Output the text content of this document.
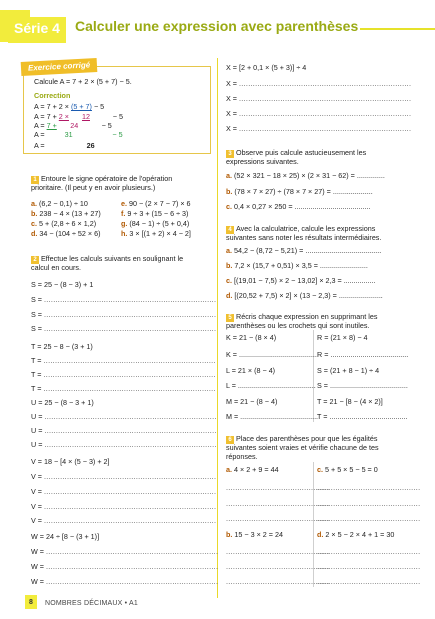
Série 4	Calculer une expression avec parenthèses
Exercice corrigé
Calcule A = 7 + 2 × (5 + 7) − 5.
Correction
A = 7 + 2 × (5 + 7) − 5
A = 7 + 2 × 12	− 5
A = 7 + 24	− 5
A =	31	− 5
A =	26
1 Entoure le signe opératoire de l'opération
prioritaire. (Il peut y en avoir plusieurs.)
a. (6,2 − 0,1) ÷ 10	e. 90 − (2 × 7 − 7) × 6
b. 238 − 4 × (13 + 27)	f. 9 ÷ 3 + (15 − 6 ÷ 3)
c. 5 + (2,8 ÷ 6 × 1,2)	g. (84 − 1) ÷ (5 + 0,4)
d. 34 − (104 ÷ 52 × 6)	h. 3 × [(1 + 2) × 4 − 2]
2 Effectue les calculs suivants en soulignant le
calcul en cours.
S = 25 − (8 − 3) + 1
S = ...........................................................................
S = ...........................................................................
S = ...........................................................................
T = 25 − 8 − (3 + 1)
T = ...........................................................................
T = ...........................................................................
T = ...........................................................................
U = 25 − (8 − 3 + 1)
U = ...........................................................................
U = ...........................................................................
U = ...........................................................................
V = 18 − [4 × (5 − 3) + 2]
V = ...........................................................................
V = ...........................................................................
V = ...........................................................................
V = ...........................................................................
W = 24 ÷ [8 − (3 + 1)]
W = ...........................................................................
W = ...........................................................................
W = ...........................................................................
X = [2 + 0,1 × (5 + 3)] ÷ 4
X = ...........................................................................
X = ...........................................................................
X = ...........................................................................
X = ...........................................................................
3 Observe puis calcule astucieusement les
expressions suivantes.
a. (52 × 321 − 18 × 25) × (2 × 31 − 62) = ..............
b. (78 × 7 × 27) ÷ (78 × 7 × 27) = ....................
c. 0,4 × 0,27 × 250 = ......................................
4 Avec la calculatrice, calcule les expressions
suivantes sans noter les résultats intermédiaires.
a. 54,2 − (8,72 − 5,21) = ......................................
b. 7,2 × (15,7 + 0,51) × 3,5 = ........................
c. [(19,01 − 7,5) × 2 − 13,02] × 2,3 = ................
d. [(20,52 + 7,5) × 2] × (13 − 2,3) = ......................
5 Récris chaque expression en supprimant les
parenthèses ou les crochets qui sont inutiles.
K = 21 − (8 × 4)	R = (21 × 8) − 4
K = ....................................... R = .......................................
L = 21 × (8 − 4)	S = (21 + 8 − 1) ÷ 4
L = ....................................... S = .......................................
M = 21 − (8 − 4)	T = 21 − [8 − (4 × 2)]
M = .......................................
T = .......................................
6 Place des parenthèses pour que les égalités
suivantes soient vraies et vérifie chacune de tes
réponses.
a. 4 × 2 + 9 = 44	c. 5 + 5 × 5 − 5 = 0
.............................................
.............................................
.............................................
.............................................
.............................................
.............................................
b. 15 − 3 × 2 = 24	d. 2 × 5 − 2 × 4 + 1 = 30
.............................................
.............................................
.............................................
.............................................
.............................................
.............................................
8	NOMBRES DÉCIMAUX • A1
